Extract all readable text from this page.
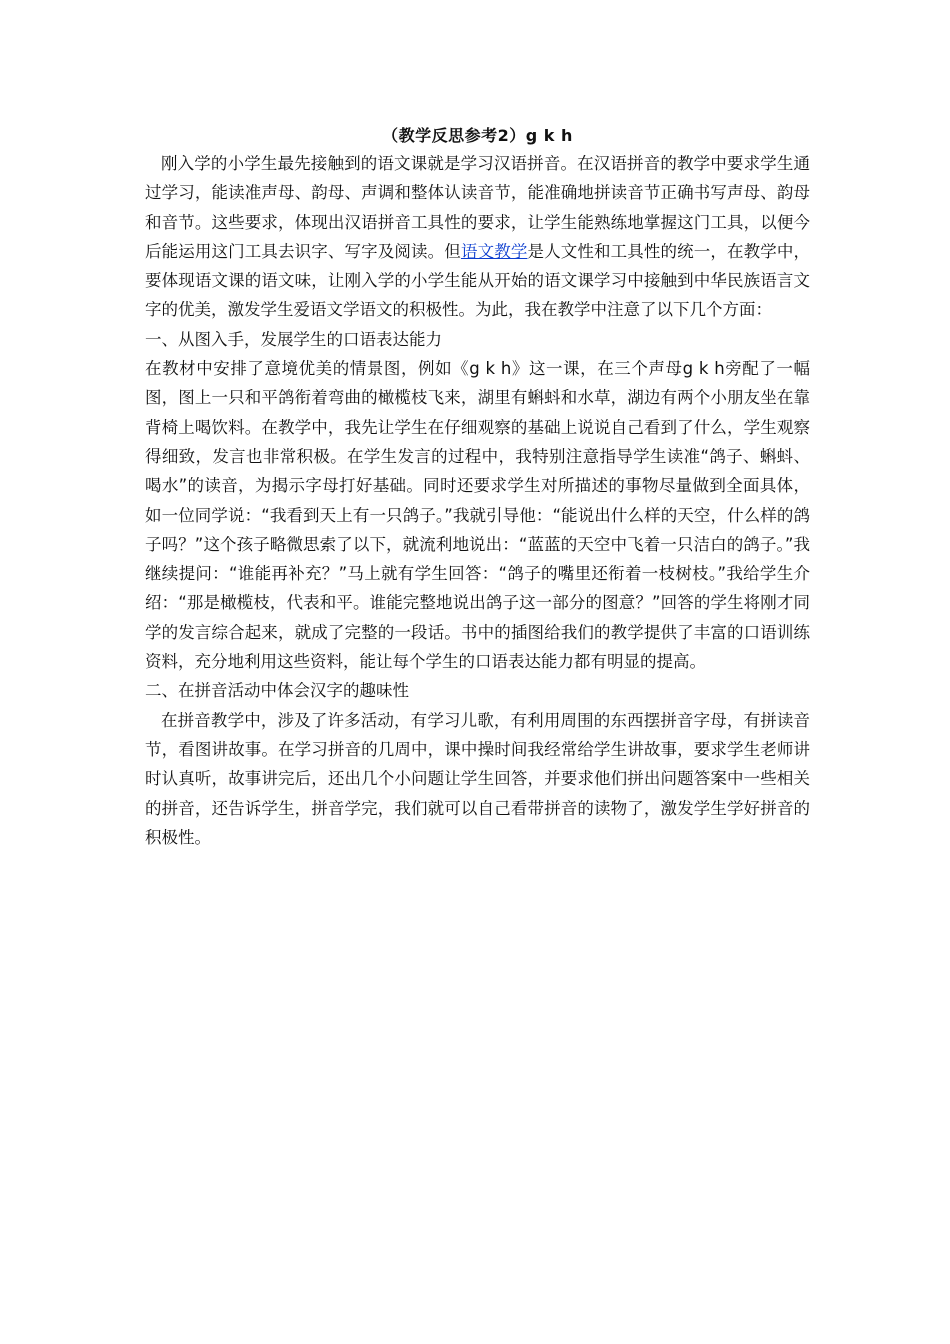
（教学反思参考2）g k h

刚入学的小学生最先接触到的语文课就是学习汉语拼音。在汉语拼音的教学中要求学生通过学习，能读准声母、韵母、声调和整体认读音节，能准确地拼读音节正确书写声母、韵母和音节。这些要求，体现出汉语拼音工具性的要求，让学生能熟练地掌握这门工具，以便今后能运用这门工具去识字、写字及阅读。但语文教学是人文性和工具性的统一，在教学中，要体现语文课的语文味，让刚入学的小学生能从开始的语文课学习中接触到中华民族语言文字的优美，激发学生爱语文学语文的积极性。为此，我在教学中注意了以下几个方面：

一、从图入手，发展学生的口语表达能力

在教材中安排了意境优美的情景图，例如《g k h》这一课，在三个声母g k h旁配了一幅图，图上一只和平鸽衔着弯曲的橄榄枝飞来，湖里有蝌蚪和水草，湖边有两个小朋友坐在靠背椅上喝饮料。在教学中，我先让学生在仔细观察的基础上说说自己看到了什么，学生观察得细致，发言也非常积极。在学生发言的过程中，我特别注意指导学生读准“鸽子、蝌蚪、喝水”的读音，为揭示字母打好基础。同时还要求学生对所描述的事物尽量做到全面具体，如一位同学说：“我看到天上有一只鸽子。”我就引导他：“能说出什么样的天空，什么样的鸽子吗？”这个孩子略微思索了以下，就流利地说出：“蓝蓝的天空中飞着一只洁白的鸽子。”我继续提问：“谁能再补充？”马上就有学生回答：“鸽子的嘴里还衔着一枝树枝。”我给学生介绍：“那是橄榄枝，代表和平。谁能完整地说出鸽子这一部分的图意？”回答的学生将刚才同学的发言综合起来，就成了完整的一段话。书中的插图给我们的教学提供了丰富的口语训练资料，充分地利用这些资料，能让每个学生的口语表达能力都有明显的提高。

二、在拼音活动中体会汉字的趣味性

在拼音教学中，涉及了许多活动，有学习儿歌，有利用周围的东西摆拼音字母，有拼读音节，看图讲故事。在学习拼音的几周中，课中操时间我经常给学生讲故事，要求学生老师讲时认真听，故事讲完后，还出几个小问题让学生回答，并要求他们拼出问题答案中一些相关的拼音，还告诉学生，拼音学完，我们就可以自己看带拼音的读物了，激发学生学好拼音的积极性。
